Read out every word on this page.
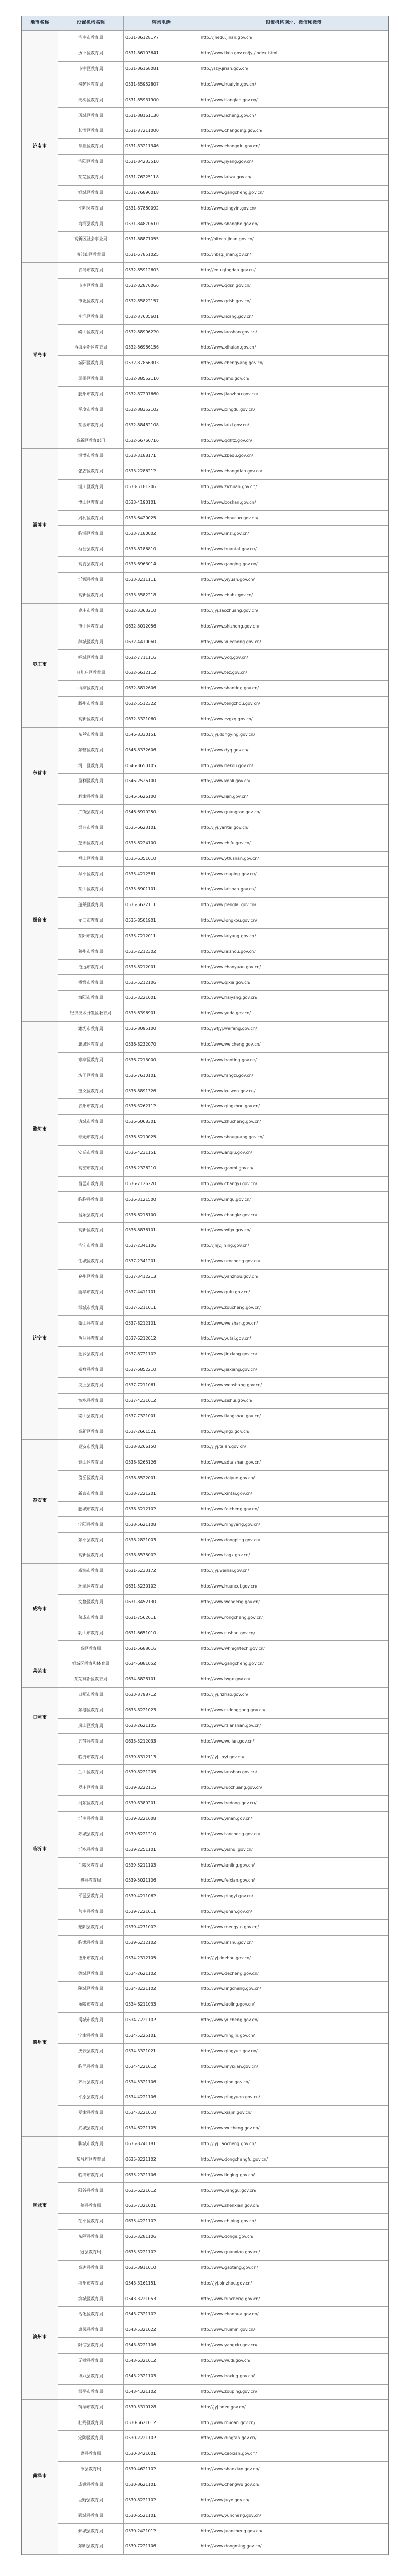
地市名称	设置机构名称	咨询电话	设置机构网址、微信和微博
济南市
济南市教育局	0531-86128177	http://jnedu.jinan.gov.cn/
历下区教育局	0531-86103641	http://www.lixia.gov.cn/jyj/index.html
市中区教育局	0531-86168081	http://szjy.jinan.gov.cn/
槐荫区教育局	0531-85952807	http://www.huaiyin.gov.cn/
天桥区教育局	0531-85931900	http://www.tianqiao.gov.cn/
历城区教育局	0531-88161130	http://www.licheng.gov.cn/
长清区教育局	0531-87211000	http://www.changqing.gov.cn/
章丘区教育局	0531-83211346	http://www.zhangqiu.gov.cn/
济阳区教育局	0531-84233510	http://www.jiyang.gov.cn/
莱芜区教育局	0531-76225118	http://www.laiwu.gov.cn/
钢城区教育局	0531-76896018	http://www.gangcheng.gov.cn/
平阴县教育局	0531-87880092	http://www.pingyin.gov.cn/
商河县教育局	0531-84870610	http://www.shanghe.gov.cn/
高新区社会事业局	0531-88871055	http://hitech.jinan.gov.cn/
南部山区教育局	0531-67851025	http://nbsq.jinan.gov.cn/
青岛市
青岛市教育局	0532-85912603	http://edu.qingdao.gov.cn/
市南区教育局	0532-82876066	http://www.qdsn.gov.cn/
市北区教育局	0532-85822157	http://www.qdsb.gov.cn/
李沧区教育局	0532-87635601	http://www.licang.gov.cn/
崂山区教育局	0532-88996220	http://www.laoshan.gov.cn/
西海岸新区教育局	0532-86986156	http://www.xihaian.gov.cn/
城阳区教育局	0532-87866303	http://www.chengyang.gov.cn/
即墨区教育局	0532-88552110	http://www.jimo.gov.cn/
胶州市教育局	0532-87207660	http://www.jiaozhou.gov.cn/
平度市教育局	0532-88352102	http://www.pingdu.gov.cn/
莱西市教育局	0532-88482108	http://www.laixi.gov.cn/
高新区教育部门	0532-66760716	http://www.qdhtz.gov.cn/
淄博市
淄博市教育局	0533-3188171	http://www.zbedu.gov.cn/
张店区教育局	0533-2286212	http://www.zhangdian.gov.cn/
淄川区教育局	0533-5181206	http://www.zichuan.gov.cn/
博山区教育局	0533-4190101	http://www.boshan.gov.cn/
周村区教育局	0533-6420025	http://www.zhoucun.gov.cn/
临淄区教育局	0533-7180002	http://www.linzi.gov.cn/
桓台县教育局	0533-8186810	http://www.huantai.gov.cn/
高青县教育局	0533-6963014	http://www.gaoqing.gov.cn/
沂源县教育局	0533-3211111	http://www.yiyuan.gov.cn/
高新区教育局	0533-3582218	http://www.zbnhz.gov.cn/
枣庄市
枣庄市教育局	0632-3363210	http://jyj.zaozhuang.gov.cn/
市中区教育局	0632-3012056	http://www.shizhong.gov.cn/
薛城区教育局	0632-4410060	http://www.xuecheng.gov.cn/
峄城区教育局	0632-7711116	http://www.ycq.gov.cn/
台儿庄区教育局	0632-6612112	http://www.tez.gov.cn/
山亭区教育局	0632-8812606	http://www.shanting.gov.cn/
滕州市教育局	0632-5512322	http://www.tengzhou.gov.cn/
高新区教育局	0632-3321060	http://www.zzgxq.gov.cn/
东营市
东营市教育局	0546-8330151	http://jyj.dongying.gov.cn/
东营区教育局	0546-8332606	http://www.dyq.gov.cn/
河口区教育局	0546-3650105	http://www.hekou.gov.cn/
垦利区教育局	0546-2526100	http://www.kenli.gov.cn/
利津县教育局	0546-5626100	http://www.lijin.gov.cn/
广饶县教育局	0546-6910250	http://www.guangrao.gov.cn/
烟台市
烟台市教育局	0535-6623101	http://jyj.yantai.gov.cn/
芝罘区教育局	0535-6224100	http://www.zhifu.gov.cn/
福山区教育局	0535-6351010	http://www.ytfushan.gov.cn/
牟平区教育局	0535-4212561	http://www.muping.gov.cn/
莱山区教育局	0535-6901101	http://www.laishan.gov.cn/
蓬莱区教育局	0535-5622111	http://www.penglai.gov.cn/
龙口市教育局	0535-8501901	http://www.longkou.gov.cn/
莱阳市教育局	0535-7212011	http://www.laiyang.gov.cn/
莱州市教育局	0535-2212302	http://www.laizhou.gov.cn/
招远市教育局	0535-8212001	http://www.zhaoyuan.gov.cn/
栖霞市教育局	0535-5212106	http://www.qixia.gov.cn/
海阳市教育局	0535-3221001	http://www.haiyang.gov.cn/
经济技术开发区教育局	0535-6396901	http://www.yeda.gov.cn/
潍坊市
潍坊市教育局	0536-8095100	http://wfjyj.weifang.gov.cn/
潍城区教育局	0536-8232070	http://www.weicheng.gov.cn/
寒亭区教育局	0536-7213000	http://www.hanting.gov.cn/
坊子区教育局	0536-7610101	http://www.fangzi.gov.cn/
奎文区教育局	0536-8891326	http://www.kuiwen.gov.cn/
青州市教育局	0536-3262112	http://www.qingzhou.gov.cn/
诸城市教育局	0536-6068301	http://www.zhucheng.gov.cn/
寿光市教育局	0536-5210025	http://www.shouguang.gov.cn/
安丘市教育局	0536-4231151	http://www.anqiu.gov.cn/
高密市教育局	0536-2326210	http://www.gaomi.gov.cn/
昌邑市教育局	0536-7126220	http://www.changyi.gov.cn/
临朐县教育局	0536-3121500	http://www.linqu.gov.cn/
昌乐县教育局	0536-6218100	http://www.changle.gov.cn/
高新区教育局	0536-8876101	http://www.wfgx.gov.cn/
济宁市
济宁市教育局	0537-2341106	http://jnjy.jining.gov.cn/
任城区教育局	0537-2341201	http://www.rencheng.gov.cn/
兖州区教育局	0537-3412213	http://www.yanzhou.gov.cn/
曲阜市教育局	0537-4411101	http://www.qufu.gov.cn/
邹城市教育局	0537-5211011	http://www.zoucheng.gov.cn/
微山县教育局	0537-8212101	http://www.weishan.gov.cn/
鱼台县教育局	0537-6212012	http://www.yutai.gov.cn/
金乡县教育局	0537-8721102	http://www.jinxiang.gov.cn/
嘉祥县教育局	0537-6852210	http://www.jiaxiang.gov.cn/
汶上县教育局	0537-7211061	http://www.wenshang.gov.cn/
泗水县教育局	0537-4231012	http://www.sishui.gov.cn/
梁山县教育局	0537-7321001	http://www.liangshan.gov.cn/
高新区教育局	0537-2661521	http://www.jngx.gov.cn/
泰安市
泰安市教育局	0538-8266150	http://jyj.taian.gov.cn/
泰山区教育局	0538-8265126	http://www.sdtaishan.gov.cn/
岱岳区教育局	0538-8522001	http://www.daiyue.gov.cn/
新泰市教育局	0538-7221201	http://www.xintai.gov.cn/
肥城市教育局	0538-3212102	http://www.feicheng.gov.cn/
宁阳县教育局	0538-5621108	http://www.ningyang.gov.cn/
东平县教育局	0538-2821003	http://www.dongping.gov.cn/
高新区教育局	0538-8535002	http://www.tagx.gov.cn/
威海市
威海市教育局	0631-5233172	http://jyj.weihai.gov.cn/
环翠区教育局	0631-5230102	http://www.huancui.gov.cn/
文登区教育局	0631-8452130	http://www.wendeng.gov.cn/
荣成市教育局	0631-7562011	http://www.rongcheng.gov.cn/
乳山市教育局	0631-6651010	http://www.rushan.gov.cn/
高区教育局	0631-5688016	http://www.whhightech.gov.cn/
莱芜市
钢城区教育和体育局	0634-6881052	http://www.gangcheng.gov.cn/
莱芜高新区教育局	0634-8828101	http://www.lwgx.gov.cn/
日照市
日照市教育局	0633-8798712	http://jyj.rizhao.gov.cn/
东港区教育局	0633-8221023	http://www.rzdonggang.gov.cn/
岚山区教育局	0633-2621105	http://www.rzlanshan.gov.cn/
五莲县教育局	0633-5212033	http://www.wulian.gov.cn/
临沂市
临沂市教育局	0539-8312113	http://jyj.linyi.gov.cn/
兰山区教育局	0539-8221205	http://www.lanshan.gov.cn/
罗庄区教育局	0539-8222115	http://www.luozhuang.gov.cn/
河东区教育局	0539-8380201	http://www.hedong.gov.cn/
沂南县教育局	0539-3221608	http://www.yinan.gov.cn/
郯城县教育局	0539-6221210	http://www.tancheng.gov.cn/
沂水县教育局	0539-2251101	http://www.yishui.gov.cn/
兰陵县教育局	0539-5211103	http://www.lanling.gov.cn/
费县教育局	0539-5021106	http://www.feixian.gov.cn/
平邑县教育局	0539-4211062	http://www.pingyi.gov.cn/
莒南县教育局	0539-7221011	http://www.junan.gov.cn/
蒙阴县教育局	0539-4271002	http://www.mengyin.gov.cn/
临沭县教育局	0539-6212102	http://www.linshu.gov.cn/
德州市
德州市教育局	0534-2312105	http://jyj.dezhou.gov.cn/
德城区教育局	0534-2621102	http://www.decheng.gov.cn/
陵城区教育局	0534-8221102	http://www.lingcheng.gov.cn/
乐陵市教育局	0534-6211033	http://www.laoling.gov.cn/
禹城市教育局	0534-7221102	http://www.yucheng.gov.cn/
宁津县教育局	0534-5225101	http://www.ningjin.gov.cn/
庆云县教育局	0534-3321021	http://www.qingyun.gov.cn/
临邑县教育局	0534-4221012	http://www.linyixian.gov.cn/
齐河县教育局	0534-5321106	http://www.qihe.gov.cn/
平原县教育局	0534-4221106	http://www.pingyuan.gov.cn/
夏津县教育局	0534-3221010	http://www.xiajin.gov.cn/
武城县教育局	0534-6221105	http://www.wucheng.gov.cn/
聊城市
聊城市教育局	0635-8241181	http://jyj.liaocheng.gov.cn/
东昌府区教育局	0635-8221102	http://www.dongchangfu.gov.cn/
临清市教育局	0635-2321106	http://www.linqing.gov.cn/
阳谷县教育局	0635-6221012	http://www.yanggu.gov.cn/
莘县教育局	0635-7321001	http://www.shenxian.gov.cn/
茌平区教育局	0635-4221102	http://www.chiping.gov.cn/
东阿县教育局	0635-3281106	http://www.donge.gov.cn/
冠县教育局	0635-5221102	http://www.guanxian.gov.cn/
高唐县教育局	0635-3911010	http://www.gaotang.gov.cn/
滨州市
滨州市教育局	0543-3161151	http://jyj.binzhou.gov.cn/
滨城区教育局	0543-3221053	http://www.bincheng.gov.cn/
沾化区教育局	0543-7321102	http://www.zhanhua.gov.cn/
惠民县教育局	0543-5321022	http://www.huimin.gov.cn/
阳信县教育局	0543-8221106	http://www.yangxin.gov.cn/
无棣县教育局	0543-6321012	http://www.wudi.gov.cn/
博兴县教育局	0543-2321103	http://www.boxing.gov.cn/
邹平市教育局	0543-4321102	http://www.zouping.gov.cn/
菏泽市
菏泽市教育局	0530-5310128	http://jyj.heze.gov.cn/
牡丹区教育局	0530-5621012	http://www.mudan.gov.cn/
定陶区教育局	0530-2221102	http://www.dingtao.gov.cn/
曹县教育局	0530-3421001	http://www.caoxian.gov.cn/
单县教育局	0530-4621102	http://www.shanxian.gov.cn/
成武县教育局	0530-8621101	http://www.chengwu.gov.cn/
巨野县教育局	0530-8221102	http://www.juye.gov.cn/
郓城县教育局	0530-6521101	http://www.yuncheng.gov.cn/
鄄城县教育局	0530-2421012	http://www.juancheng.gov.cn/
东明县教育局	0530-7221106	http://www.dongming.gov.cn/
